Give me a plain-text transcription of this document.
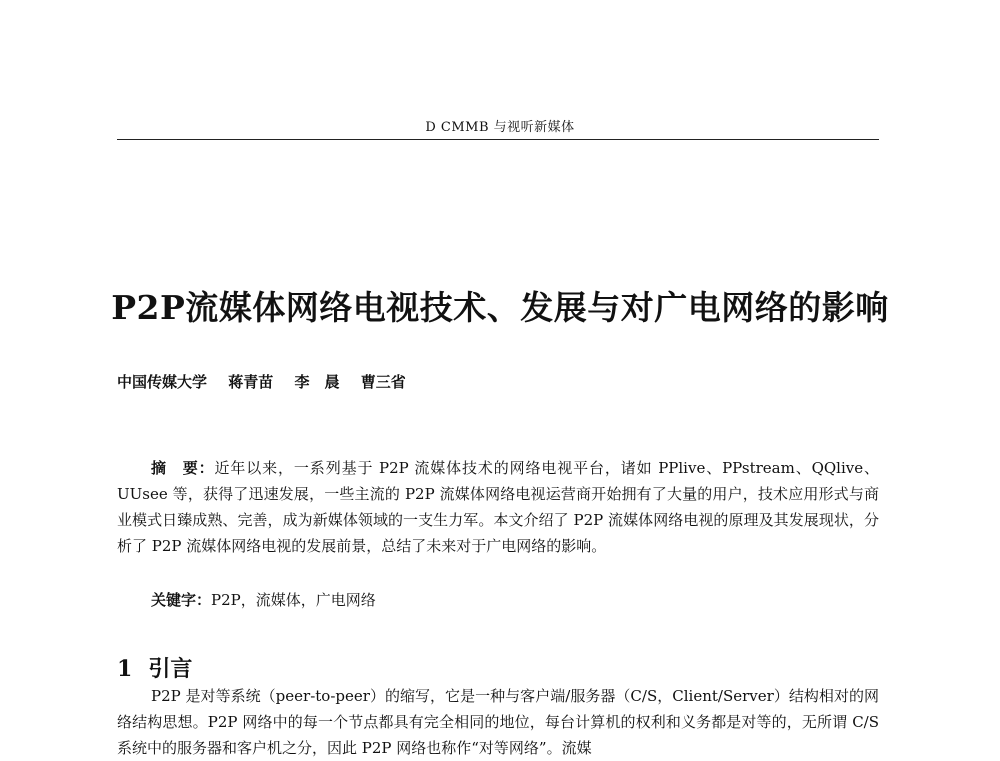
D CMMB 与视听新媒体
P2P流媒体网络电视技术、发展与对广电网络的影响
中国传媒大学 蒋青苗 李　晨 曹三省
摘　要：近年以来，一系列基于 P2P 流媒体技术的网络电视平台，诸如 PPlive、PPstream、QQlive、UUsee 等，获得了迅速发展，一些主流的 P2P 流媒体网络电视运营商开始拥有了大量的用户，技术应用形式与商业模式日臻成熟、完善，成为新媒体领域的一支生力军。本文介绍了 P2P 流媒体网络电视的原理及其发展现状，分析了 P2P 流媒体网络电视的发展前景，总结了未来对于广电网络的影响。
关键字：P2P，流媒体，广电网络
1 引言
P2P 是对等系统（peer-to-peer）的缩写，它是一种与客户端/服务器（C/S，Client/Server）结构相对的网络结构思想。P2P 网络中的每一个节点都具有完全相同的地位，每台计算机的权利和义务都是对等的，无所谓 C/S 系统中的服务器和客户机之分，因此 P2P 网络也称作“对等网络”。流媒
